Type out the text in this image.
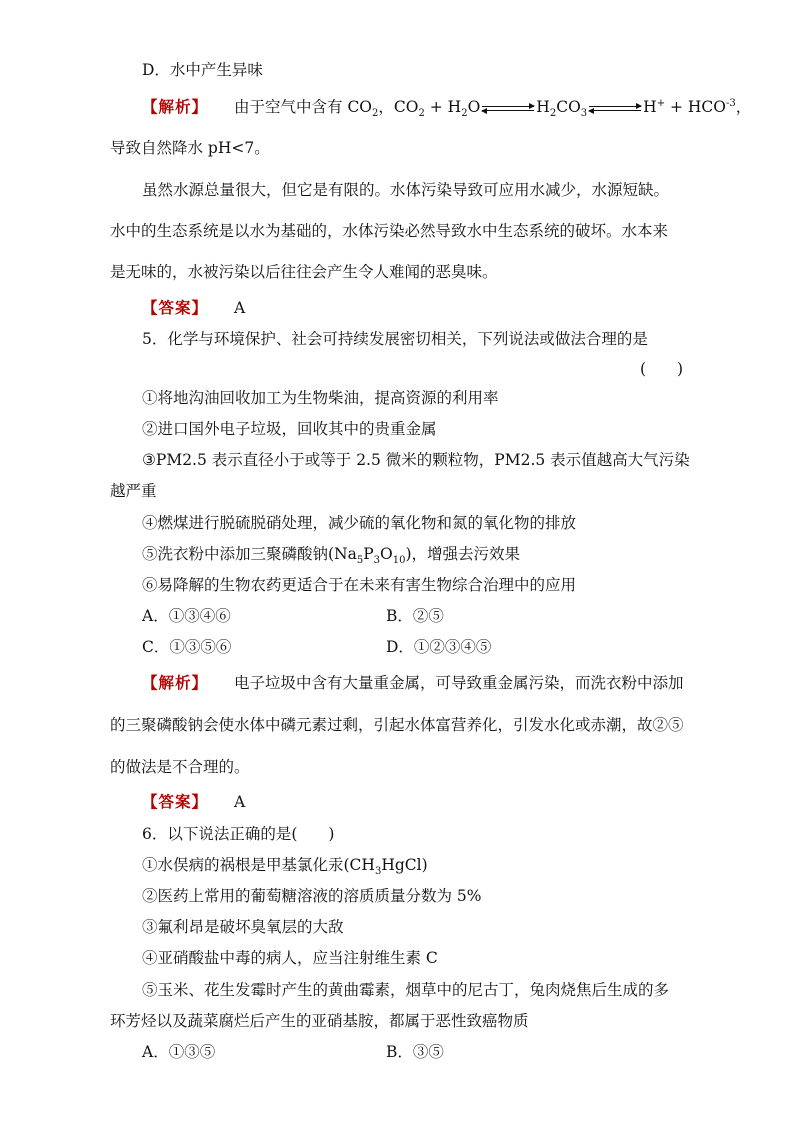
D．水中产生异味
【解析】 由于空气中含有 $CO_2$，$CO_2 + H_2O$	$H_2CO_3$	$H^+ + HCO^{-3}$，
导致自然降水 pH<7。
虽然水源总量很大，但它是有限的。水体污染导致可应用水减少，水源短缺。
水中的生态系统是以水为基础的，水体污染必然导致水中生态系统的破坏。水本来
是无味的，水被污染以后往往会产生令人难闻的恶臭味。
【答案】 A
5．化学与环境保护、社会可持续发展密切相关，下列说法或做法合理的是
(　　)
①将地沟油回收加工为生物柴油，提高资源的利用率
②进口国外电子垃圾，回收其中的贵重金属
③PM2.5 表示直径小于或等于 2.5 微米的颗粒物，PM2.5 表示值越高大气污染
越严重
④燃煤进行脱硫脱硝处理，减少硫的氧化物和氮的氧化物的排放
⑤洗衣粉中添加三聚磷酸钠$(Na_5P_3O_{10})$，增强去污效果
⑥易降解的生物农药更适合于在未来有害生物综合治理中的应用
A．①③④⑥	B．②⑤
C．①③⑤⑥	D．①②③④⑤
【解析】 电子垃圾中含有大量重金属，可导致重金属污染，而洗衣粉中添加
的三聚磷酸钠会使水体中磷元素过剩，引起水体富营养化，引发水化或赤潮，故②⑤
的做法是不合理的。
【答案】 A
6．以下说法正确的是(　　)
①水俣病的祸根是甲基氯化汞$(CH_3HgCl)$
②医药上常用的葡萄糖溶液的溶质质量分数为 5%
③氟利昂是破坏臭氧层的大敌
④亚硝酸盐中毒的病人，应当注射维生素 C
⑤玉米、花生发霉时产生的黄曲霉素，烟草中的尼古丁，兔肉烧焦后生成的多
环芳烃以及蔬菜腐烂后产生的亚硝基胺，都属于恶性致癌物质
A．①③⑤	B．③⑤
